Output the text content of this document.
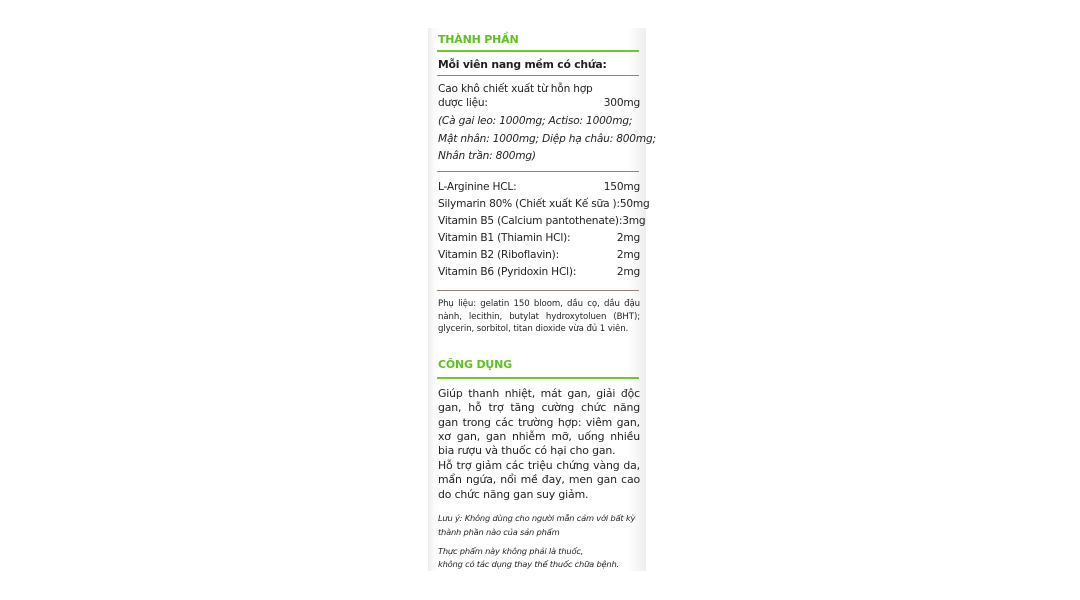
THÀNH PHẦN
Mỗi viên nang mềm có chứa:
Cao khô chiết xuất từ hỗn hợp
dược liệu:	300mg
(Cà gai leo: 1000mg; Actiso: 1000mg;
Mật nhân: 1000mg; Diệp hạ châu: 800mg;
Nhân trần: 800mg)
L-Arginine HCL:	150mg
Silymarin 80% (Chiết xuất Kế sữa ): 50mg
Vitamin B5 (Calcium pantothenate): 3mg
Vitamin B1 (Thiamin HCl):	2mg
Vitamin B2 (Riboflavin):	2mg
Vitamin B6 (Pyridoxin HCl):	2mg
Phụ liệu: gelatin 150 bloom, dầu cọ, dầu đậu nành, lecithin, butylat hydroxytoluen (BHT); glycerin, sorbitol, titan dioxide vừa đủ 1 viên.
CÔNG DỤNG
Giúp thanh nhiệt, mát gan, giải độc gan, hỗ trợ tăng cường chức năng gan trong các trường hợp: viêm gan, xơ gan, gan nhiễm mỡ, uống nhiều bia rượu và thuốc có hại cho gan.
Hỗ trợ giảm các triệu chứng vàng da, mẩn ngứa, nổi mề đay, men gan cao do chức năng gan suy giảm.
Lưu ý: Không dùng cho người mẫn cảm với bất kỳ thành phần nào của sản phẩm
Thực phẩm này không phải là thuốc,
không có tác dụng thay thế thuốc chữa bệnh.
